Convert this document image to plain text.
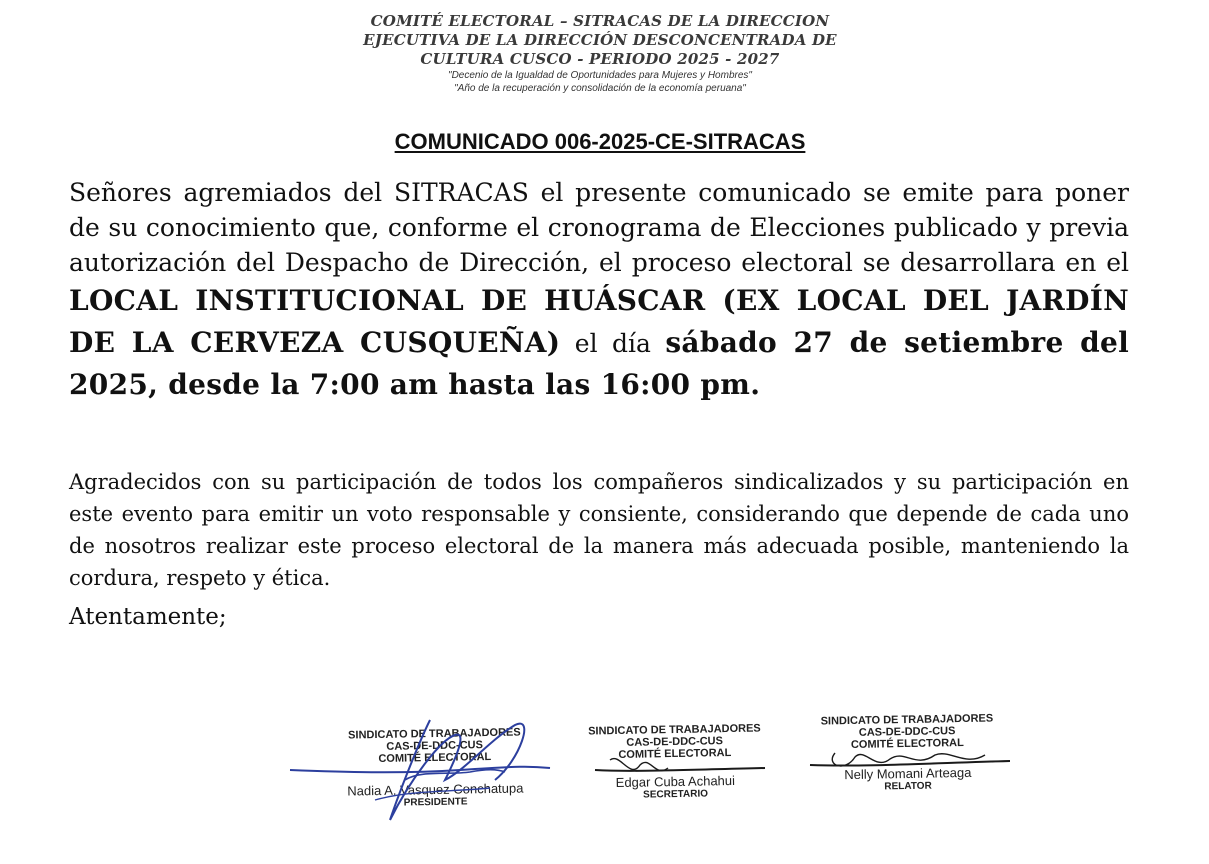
COMITÉ ELECTORAL – SITRACAS DE LA DIRECCION
EJECUTIVA DE LA DIRECCIÓN DESCONCENTRADA DE
CULTURA CUSCO - PERIODO 2025 - 2027
"Decenio de la Igualdad de Oportunidades para Mujeres y Hombres"
"Año de la recuperación y consolidación de la economía peruana"
COMUNICADO 006-2025-CE-SITRACAS
Señores agremiados del SITRACAS el presente comunicado se emite para poner de su conocimiento que, conforme el cronograma de Elecciones publicado y previa autorización del Despacho de Dirección, el proceso electoral se desarrollara en el LOCAL INSTITUCIONAL DE HUÁSCAR (EX LOCAL DEL JARDÍN DE LA CERVEZA CUSQUEÑA) el día sábado 27 de setiembre del 2025, desde la 7:00 am hasta las 16:00 pm.
Agradecidos con su participación de todos los compañeros sindicalizados y su participación en este evento para emitir un voto responsable y consiente, considerando que depende de cada uno de nosotros realizar este proceso electoral de la manera más adecuada posible, manteniendo la cordura, respeto y ética.
Atentamente;
SINDICATO DE TRABAJADORES
CAS-DE-DDC-CUS
COMITÉ ELECTORAL
Nadia A. Vasquez Conchatupa
PRESIDENTE
SINDICATO DE TRABAJADORES
CAS-DE-DDC-CUS
COMITÉ ELECTORAL
Edgar Cuba Achahui
SECRETARIO
SINDICATO DE TRABAJADORES
CAS-DE-DDC-CUS
COMITÉ ELECTORAL
Nelly Momani Arteaga
RELATOR
